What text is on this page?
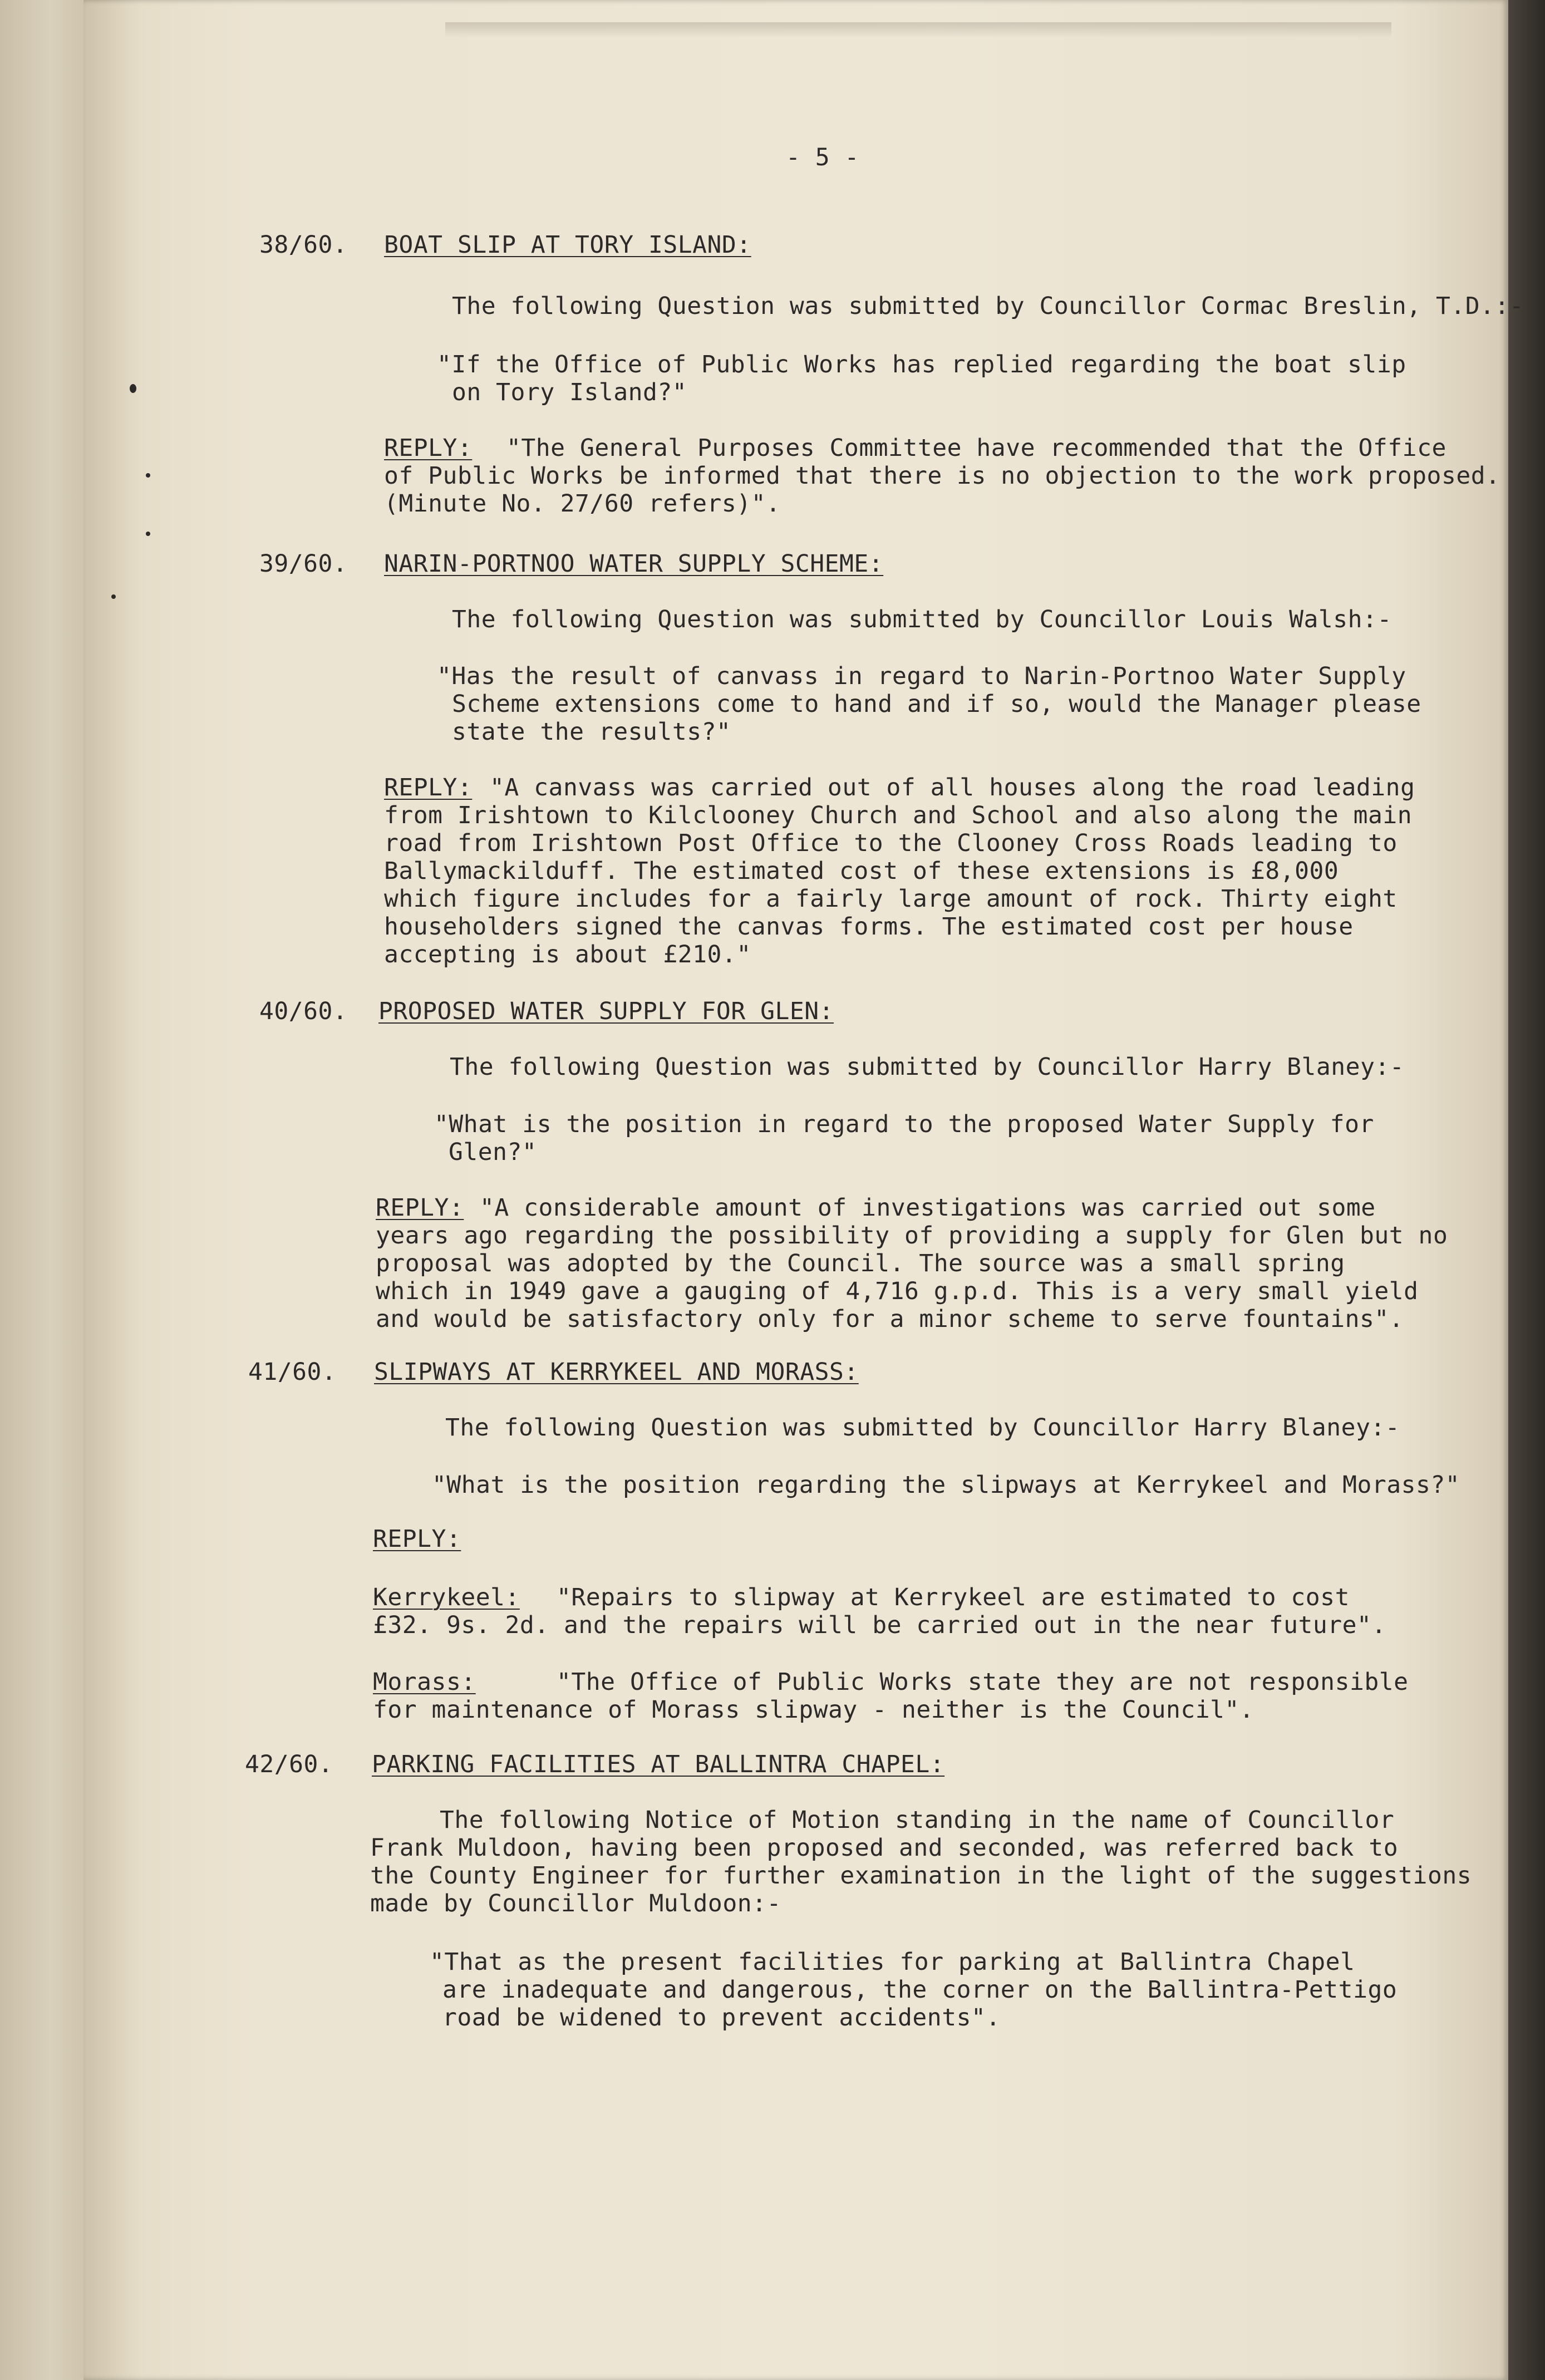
- 5 -
38/60. BOAT SLIP AT TORY ISLAND:
The following Question was submitted by Councillor Cormac Breslin, T.D.:-
"If the Office of Public Works has replied regarding the boat slip
on Tory Island?"
REPLY: "The General Purposes Committee have recommended that the Office
of Public Works be informed that there is no objection to the work proposed.
(Minute No. 27/60 refers)".
39/60. NARIN-PORTNOO WATER SUPPLY SCHEME:
The following Question was submitted by Councillor Louis Walsh:-
"Has the result of canvass in regard to Narin-Portnoo Water Supply
Scheme extensions come to hand and if so, would the Manager please
state the results?"
REPLY: "A canvass was carried out of all houses along the road leading
from Irishtown to Kilclooney Church and School and also along the main
road from Irishtown Post Office to the Clooney Cross Roads leading to
Ballymackilduff. The estimated cost of these extensions is £8,000
which figure includes for a fairly large amount of rock. Thirty eight
householders signed the canvas forms. The estimated cost per house
accepting is about £210."
40/60. PROPOSED WATER SUPPLY FOR GLEN:
The following Question was submitted by Councillor Harry Blaney:-
"What is the position in regard to the proposed Water Supply for
Glen?"
REPLY: "A considerable amount of investigations was carried out some
years ago regarding the possibility of providing a supply for Glen but no
proposal was adopted by the Council. The source was a small spring
which in 1949 gave a gauging of 4,716 g.p.d. This is a very small yield
and would be satisfactory only for a minor scheme to serve fountains".
41/60. SLIPWAYS AT KERRYKEEL AND MORASS:
The following Question was submitted by Councillor Harry Blaney:-
"What is the position regarding the slipways at Kerrykeel and Morass?"
REPLY:
Kerrykeel: "Repairs to slipway at Kerrykeel are estimated to cost
£32. 9s. 2d. and the repairs will be carried out in the near future".
Morass:	"The Office of Public Works state they are not responsible
for maintenance of Morass slipway - neither is the Council".
42/60. PARKING FACILITIES AT BALLINTRA CHAPEL:
The following Notice of Motion standing in the name of Councillor
Frank Muldoon, having been proposed and seconded, was referred back to
the County Engineer for further examination in the light of the suggestions
made by Councillor Muldoon:-
"That as the present facilities for parking at Ballintra Chapel
are inadequate and dangerous, the corner on the Ballintra-Pettigo
road be widened to prevent accidents".
